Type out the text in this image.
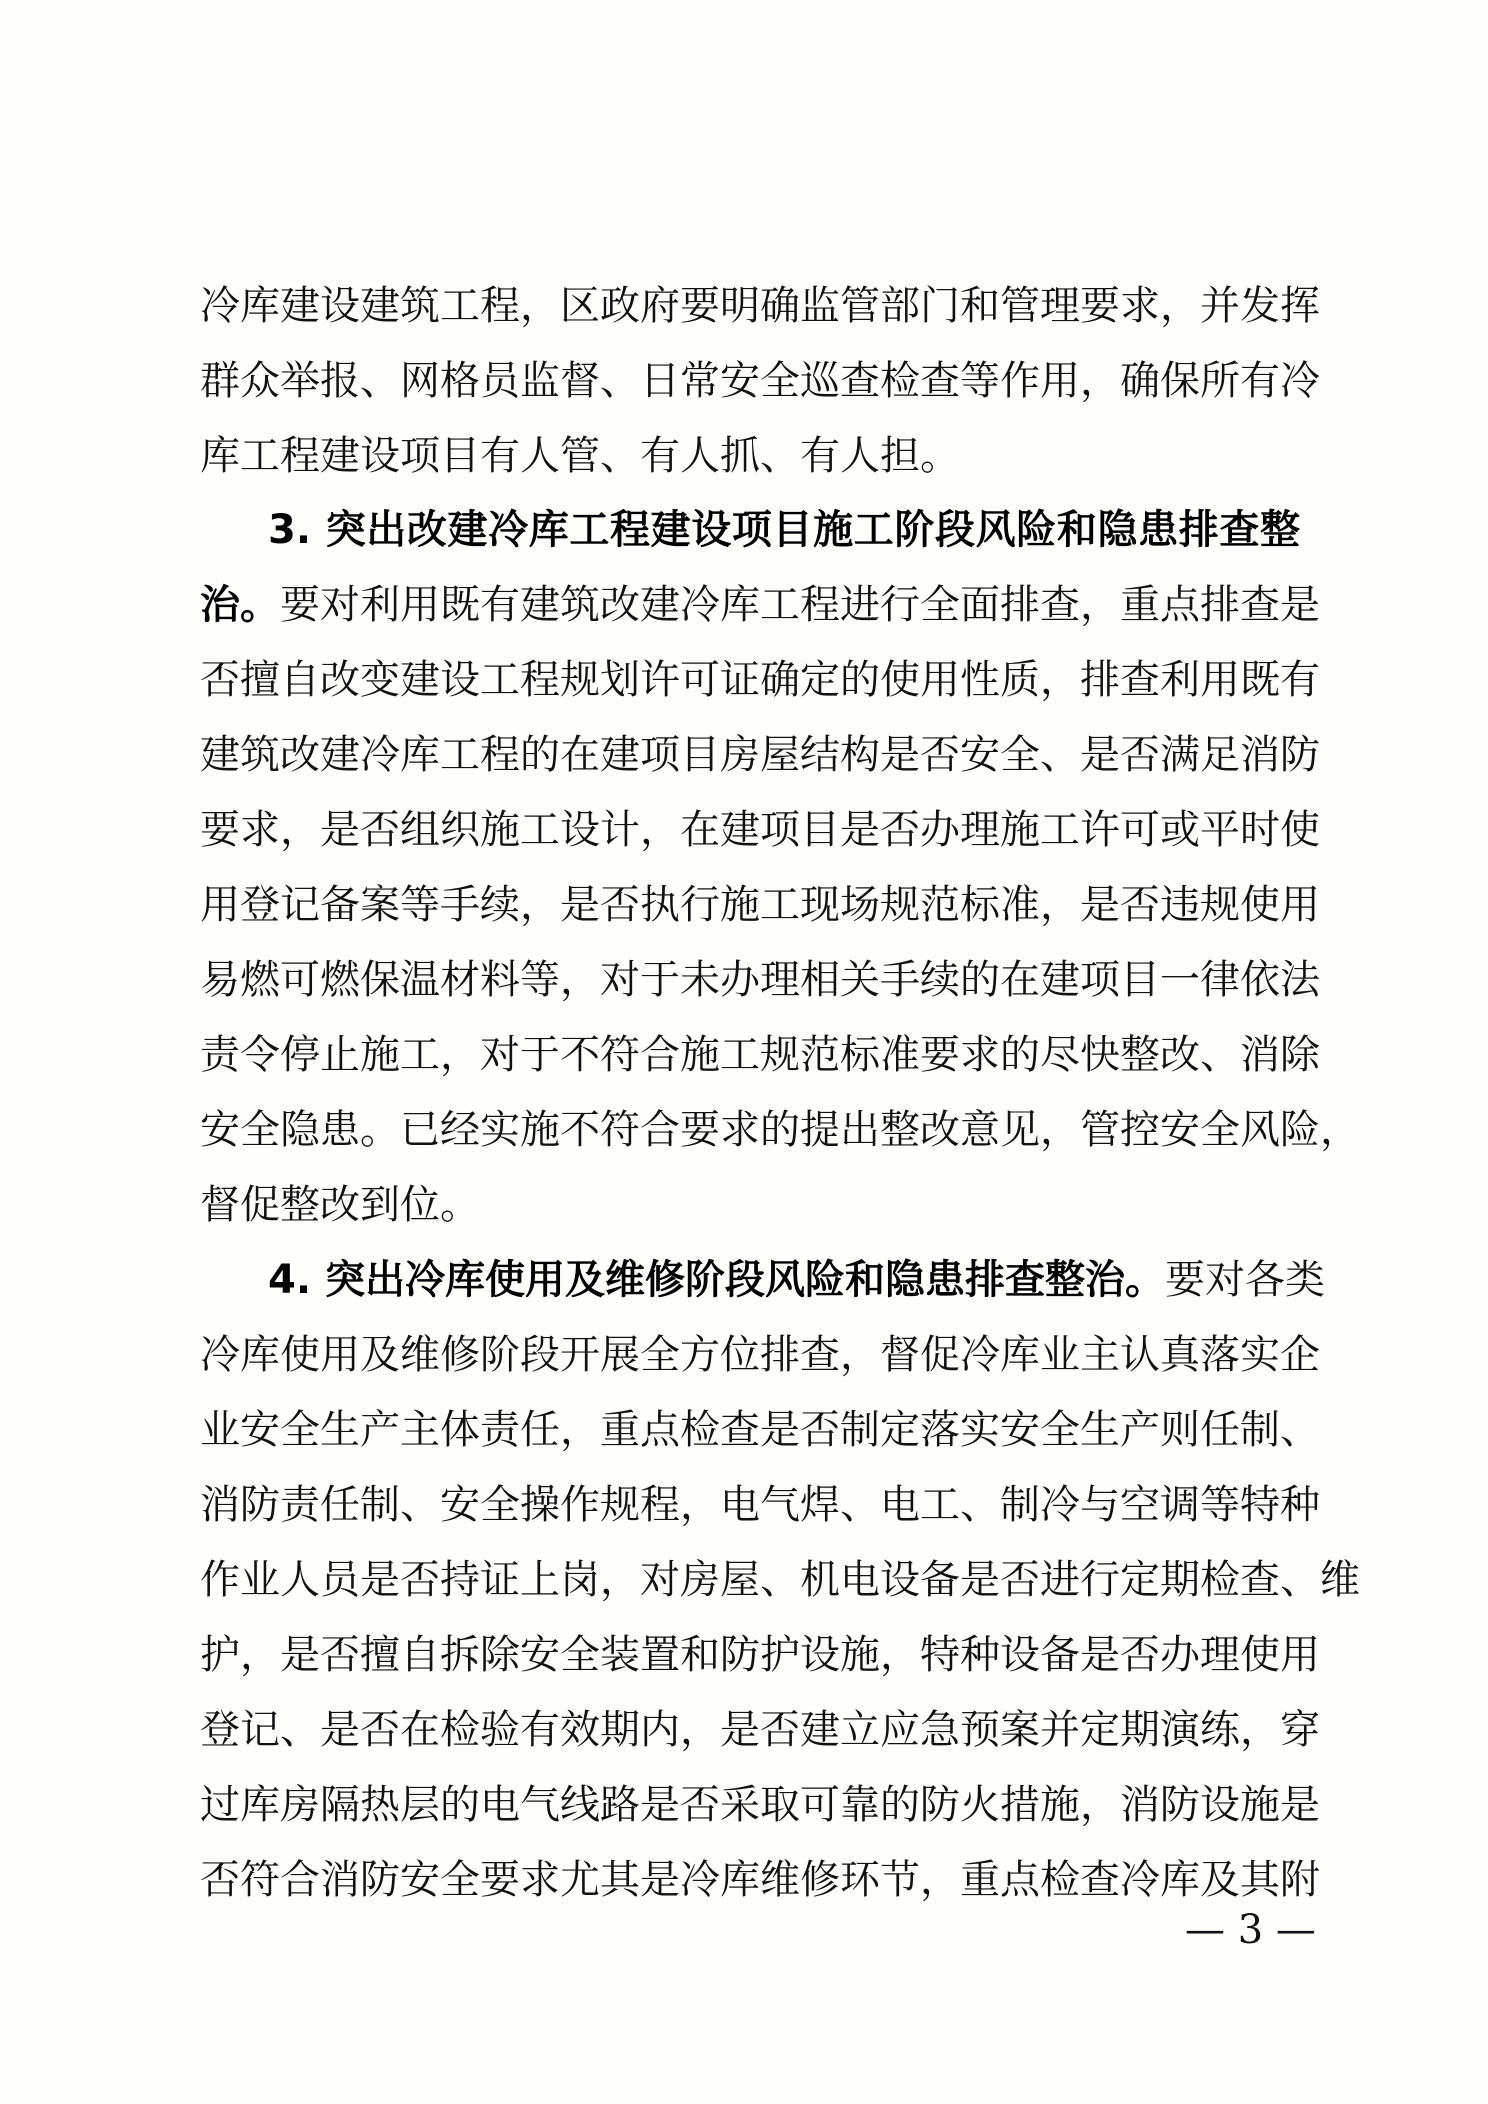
冷库建设建筑工程，区政府要明确监管部门和管理要求，并发挥
群众举报、网格员监督、日常安全巡查检查等作用，确保所有冷
库工程建设项目有人管、有人抓、有人担。
3. 突出改建冷库工程建设项目施工阶段风险和隐患排查整
治。要对利用既有建筑改建冷库工程进行全面排查，重点排查是
否擅自改变建设工程规划许可证确定的使用性质，排查利用既有
建筑改建冷库工程的在建项目房屋结构是否安全、是否满足消防
要求，是否组织施工设计，在建项目是否办理施工许可或平时使
用登记备案等手续，是否执行施工现场规范标准，是否违规使用
易燃可燃保温材料等，对于未办理相关手续的在建项目一律依法
责令停止施工，对于不符合施工规范标准要求的尽快整改、消除
安全隐患。已经实施不符合要求的提出整改意见，管控安全风险，
督促整改到位。
4. 突出冷库使用及维修阶段风险和隐患排查整治。要对各类
冷库使用及维修阶段开展全方位排查，督促冷库业主认真落实企
业安全生产主体责任，重点检查是否制定落实安全生产则任制、
消防责任制、安全操作规程，电气焊、电工、制冷与空调等特种
作业人员是否持证上岗，对房屋、机电设备是否进行定期检查、维
护，是否擅自拆除安全装置和防护设施，特种设备是否办理使用
登记、是否在检验有效期内，是否建立应急预案并定期演练，穿
过库房隔热层的电气线路是否采取可靠的防火措施，消防设施是
否符合消防安全要求尤其是冷库维修环节，重点检查冷库及其附
— 3 —
